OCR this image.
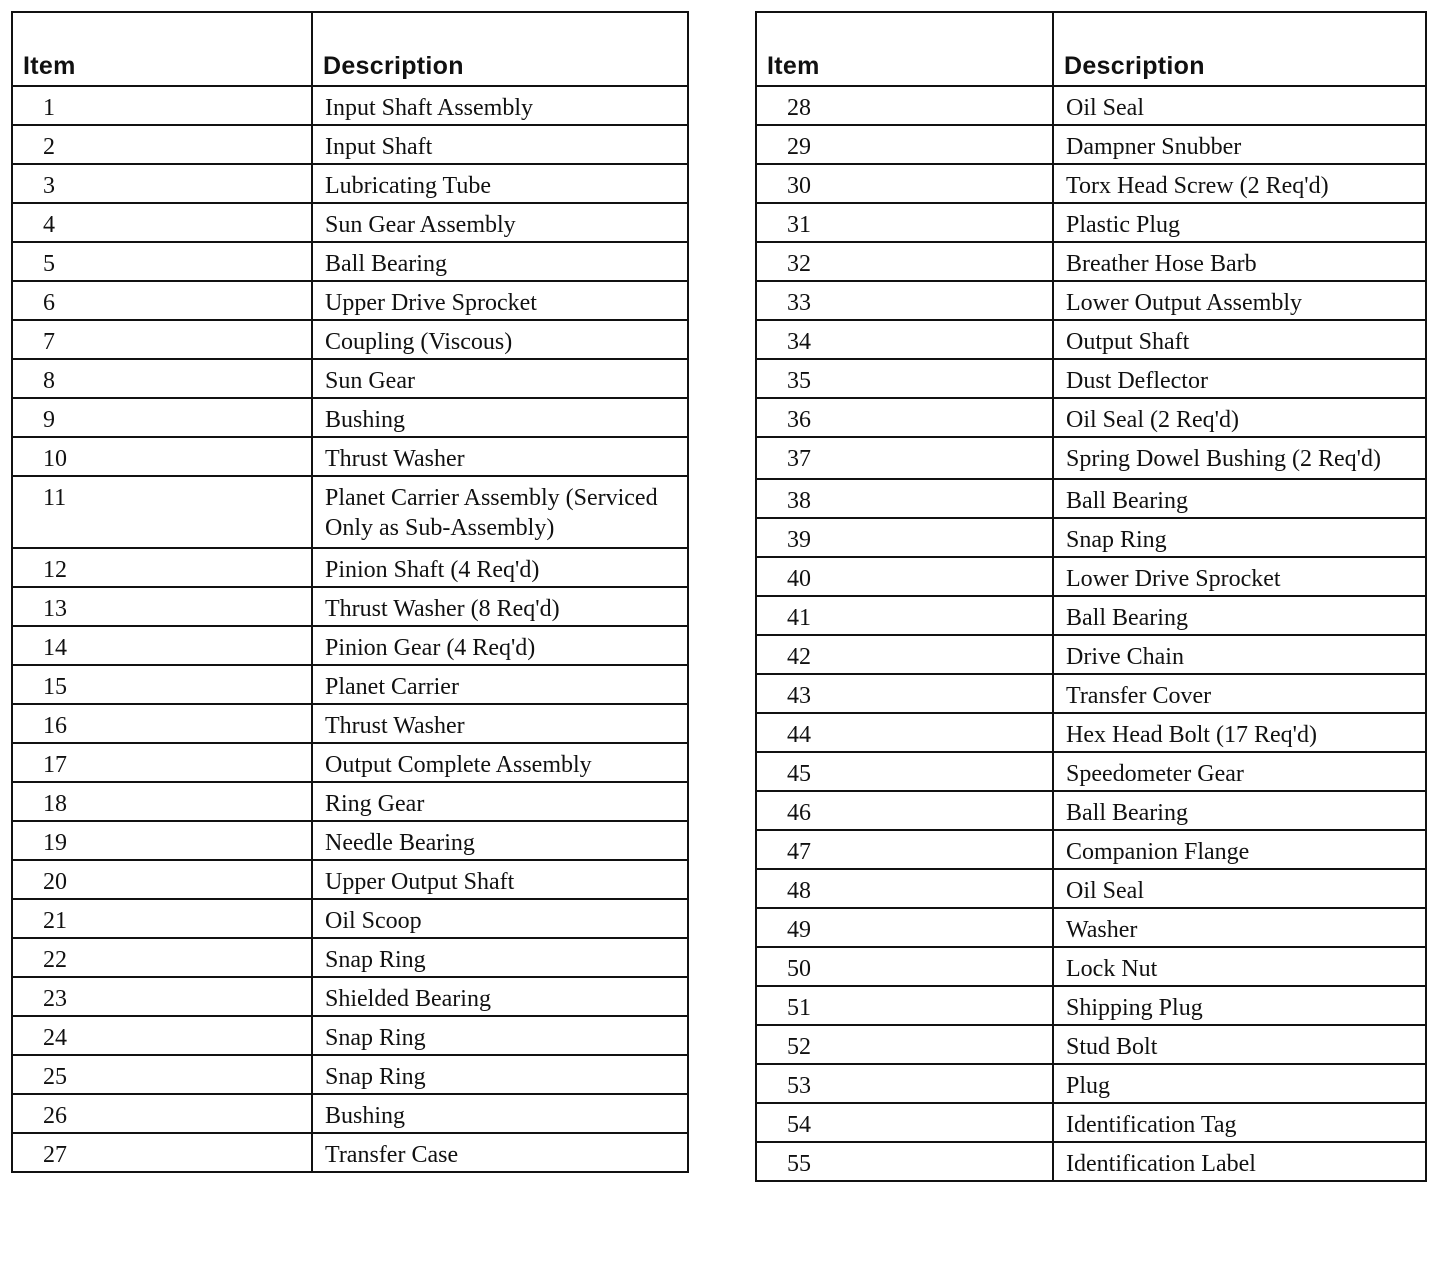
Item	Description
1	Input Shaft Assembly
2	Input Shaft
3	Lubricating Tube
4	Sun Gear Assembly
5	Ball Bearing
6	Upper Drive Sprocket
7	Coupling (Viscous)
8	Sun Gear
9	Bushing
10	Thrust Washer
11	Planet Carrier Assembly (Serviced Only as Sub-Assembly)
12	Pinion Shaft (4 Req'd)
13	Thrust Washer (8 Req'd)
14	Pinion Gear (4 Req'd)
15	Planet Carrier
16	Thrust Washer
17	Output Complete Assembly
18	Ring Gear
19	Needle Bearing
20	Upper Output Shaft
21	Oil Scoop
22	Snap Ring
23	Shielded Bearing
24	Snap Ring
25	Snap Ring
26	Bushing
27	Transfer Case
Item	Description
28	Oil Seal
29	Dampner Snubber
30	Torx Head Screw (2 Req'd)
31	Plastic Plug
32	Breather Hose Barb
33	Lower Output Assembly
34	Output Shaft
35	Dust Deflector
36	Oil Seal (2 Req'd)
37	Spring Dowel Bushing (2 Req'd)
38	Ball Bearing
39	Snap Ring
40	Lower Drive Sprocket
41	Ball Bearing
42	Drive Chain
43	Transfer Cover
44	Hex Head Bolt (17 Req'd)
45	Speedometer Gear
46	Ball Bearing
47	Companion Flange
48	Oil Seal
49	Washer
50	Lock Nut
51	Shipping Plug
52	Stud Bolt
53	Plug
54	Identification Tag
55	Identification Label
